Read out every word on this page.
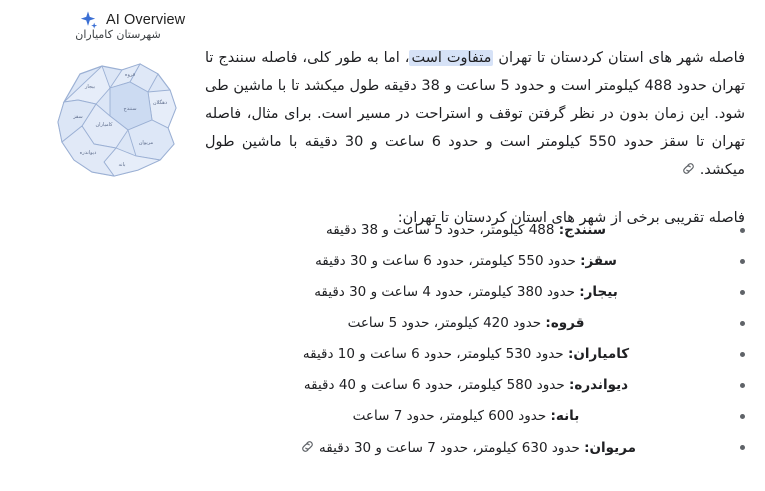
AI Overview
شهرستان کامیاران
بیجار
قروه
دهگلان
سنندج
کامیاران
سقز
مریوان
بانه
دیواندره

فاصله شهر های استان کردستان تا تهران متفاوت است، اما به طور کلی، فاصله سنندج تا تهران حدود 488 کیلومتر است و حدود 5 ساعت و 38 دقیقه طول میکشد تا با ماشین طی شود. این زمان بدون در نظر گرفتن توقف و استراحت در مسیر است. برای مثال، فاصله تهران تا سقز حدود 550 کیلومتر است و حدود 6 ساعت و 30 دقیقه با ماشین طول میکشد.

فاصله تقریبی برخی از شهر های استان کردستان تا تهران:
سنندج: 488 کیلومتر، حدود 5 ساعت و 38 دقیقه
سقز: حدود 550 کیلومتر، حدود 6 ساعت و 30 دقیقه
بیجار: حدود 380 کیلومتر، حدود 4 ساعت و 30 دقیقه
قروه: حدود 420 کیلومتر، حدود 5 ساعت
کامیاران: حدود 530 کیلومتر، حدود 6 ساعت و 10 دقیقه
دیواندره: حدود 580 کیلومتر، حدود 6 ساعت و 40 دقیقه
بانه: حدود 600 کیلومتر، حدود 7 ساعت
مریوان: حدود 630 کیلومتر، حدود 7 ساعت و 30 دقیقه
